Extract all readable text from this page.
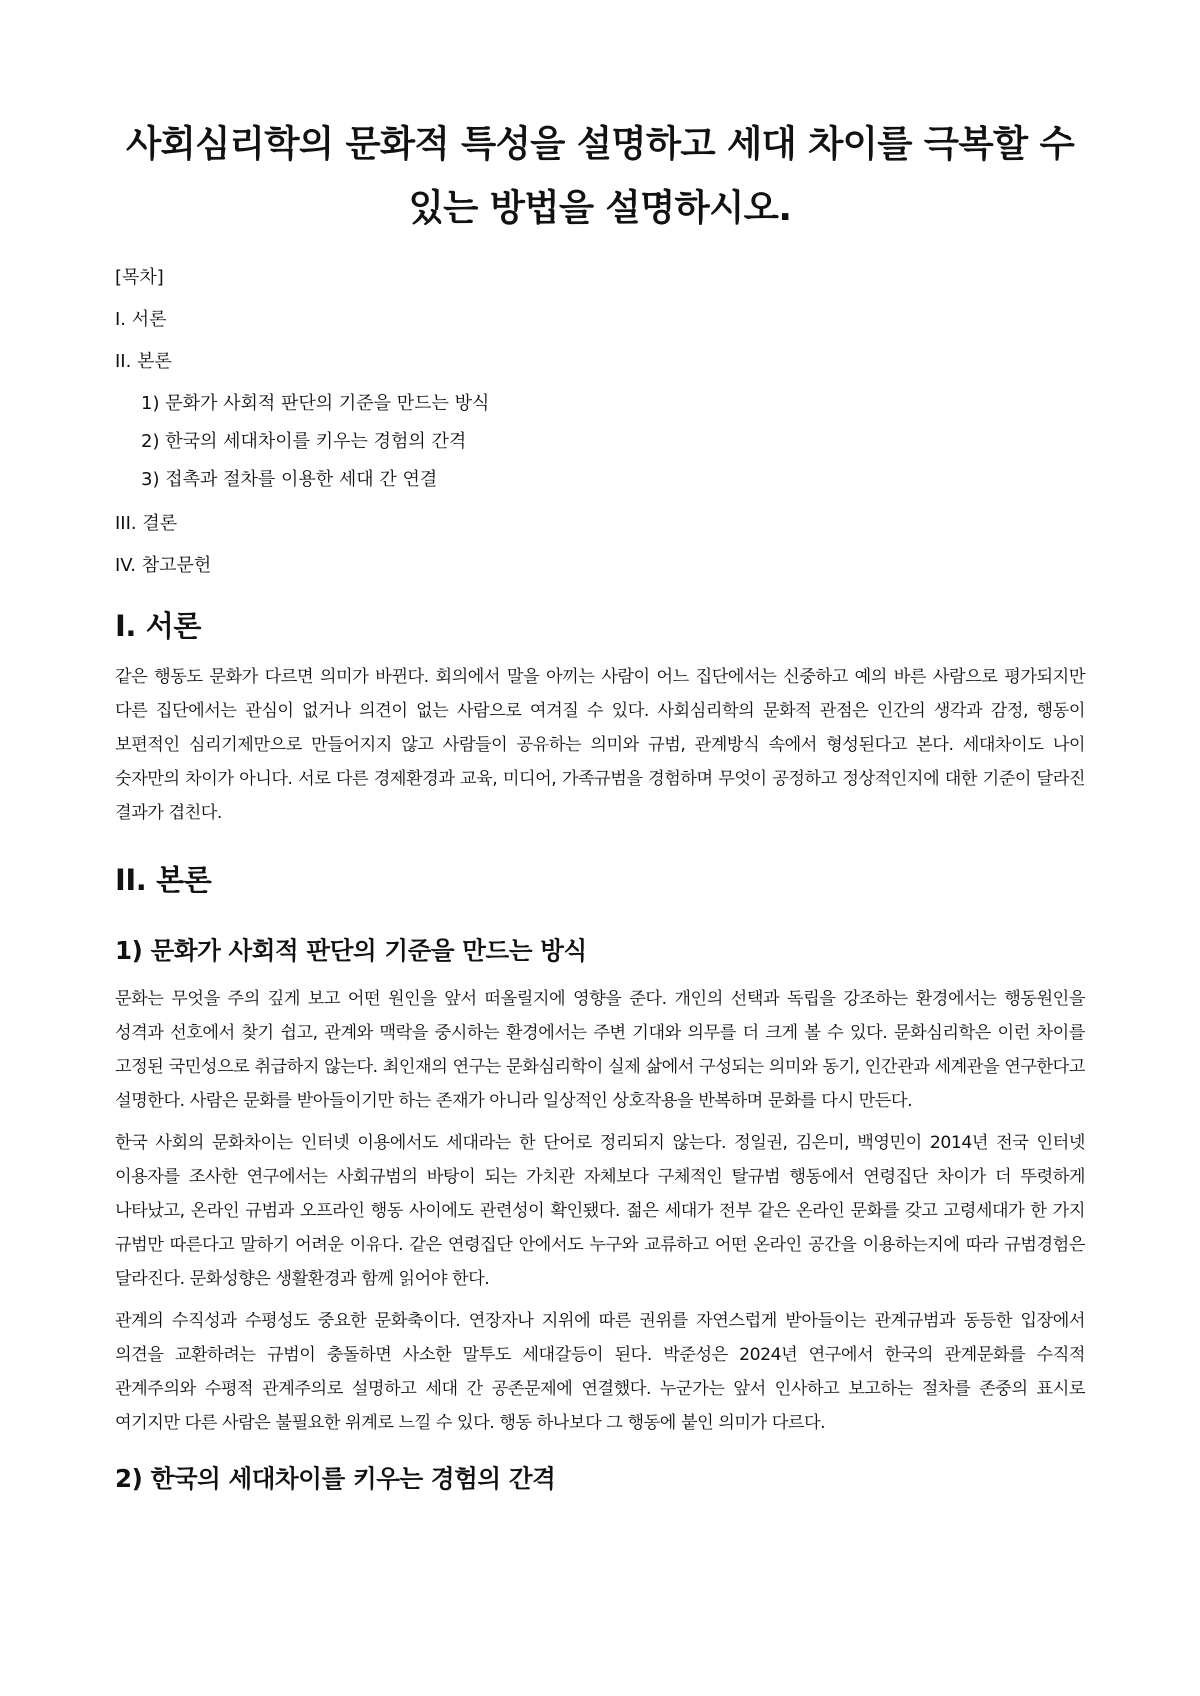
사회심리학의 문화적 특성을 설명하고 세대 차이를 극복할 수 있는 방법을 설명하시오.
[목차]
I. 서론
II. 본론
1) 문화가 사회적 판단의 기준을 만드는 방식
2) 한국의 세대차이를 키우는 경험의 간격
3) 접촉과 절차를 이용한 세대 간 연결
III. 결론
IV. 참고문헌
I. 서론

같은 행동도 문화가 다르면 의미가 바뀐다. 회의에서 말을 아끼는 사람이 어느 집단에서는 신중하고 예의 바른 사람으로 평가되지만 다른 집단에서는 관심이 없거나 의견이 없는 사람으로 여겨질 수 있다. 사회심리학의 문화적 관점은 인간의 생각과 감정, 행동이 보편적인 심리기제만으로 만들어지지 않고 사람들이 공유하는 의미와 규범, 관계방식 속에서 형성된다고 본다. 세대차이도 나이 숫자만의 차이가 아니다. 서로 다른 경제환경과 교육, 미디어, 가족규범을 경험하며 무엇이 공정하고 정상적인지에 대한 기준이 달라진 결과가 겹친다.

II. 본론
1) 문화가 사회적 판단의 기준을 만드는 방식

문화는 무엇을 주의 깊게 보고 어떤 원인을 앞서 떠올릴지에 영향을 준다. 개인의 선택과 독립을 강조하는 환경에서는 행동원인을 성격과 선호에서 찾기 쉽고, 관계와 맥락을 중시하는 환경에서는 주변 기대와 의무를 더 크게 볼 수 있다. 문화심리학은 이런 차이를 고정된 국민성으로 취급하지 않는다. 최인재의 연구는 문화심리학이 실제 삶에서 구성되는 의미와 동기, 인간관과 세계관을 연구한다고 설명한다. 사람은 문화를 받아들이기만 하는 존재가 아니라 일상적인 상호작용을 반복하며 문화를 다시 만든다.

한국 사회의 문화차이는 인터넷 이용에서도 세대라는 한 단어로 정리되지 않는다. 정일권, 김은미, 백영민이 2014년 전국 인터넷 이용자를 조사한 연구에서는 사회규범의 바탕이 되는 가치관 자체보다 구체적인 탈규범 행동에서 연령집단 차이가 더 뚜렷하게 나타났고, 온라인 규범과 오프라인 행동 사이에도 관련성이 확인됐다. 젊은 세대가 전부 같은 온라인 문화를 갖고 고령세대가 한 가지 규범만 따른다고 말하기 어려운 이유다. 같은 연령집단 안에서도 누구와 교류하고 어떤 온라인 공간을 이용하는지에 따라 규범경험은 달라진다. 문화성향은 생활환경과 함께 읽어야 한다.

관계의 수직성과 수평성도 중요한 문화축이다. 연장자나 지위에 따른 권위를 자연스럽게 받아들이는 관계규범과 동등한 입장에서 의견을 교환하려는 규범이 충돌하면 사소한 말투도 세대갈등이 된다. 박준성은 2024년 연구에서 한국의 관계문화를 수직적 관계주의와 수평적 관계주의로 설명하고 세대 간 공존문제에 연결했다. 누군가는 앞서 인사하고 보고하는 절차를 존중의 표시로 여기지만 다른 사람은 불필요한 위계로 느낄 수 있다. 행동 하나보다 그 행동에 붙인 의미가 다르다.

2) 한국의 세대차이를 키우는 경험의 간격
